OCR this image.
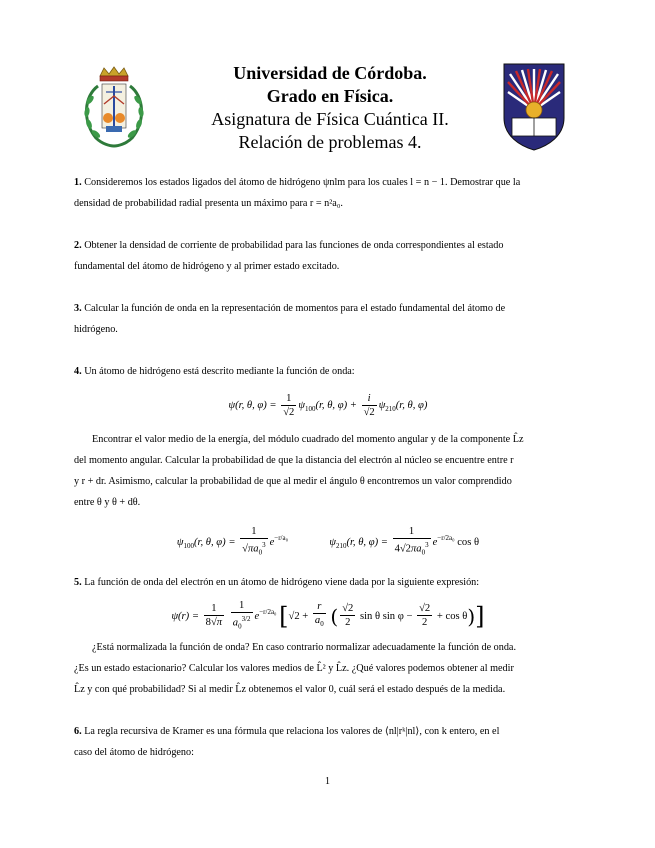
Universidad de Córdoba.
Grado en Física.
Asignatura de Física Cuántica II.
Relación de problemas 4.
1. Consideremos los estados ligados del átomo de hidrógeno ψnlm para los cuales l = n − 1. Demostrar que la
densidad de probabilidad radial presenta un máximo para r = n²a₀.
2. Obtener la densidad de corriente de probabilidad para las funciones de onda correspondientes al estado
fundamental del átomo de hidrógeno y al primer estado excitado.
3. Calcular la función de onda en la representación de momentos para el estado fundamental del átomo de
hidrógeno.
4. Un átomo de hidrógeno está descrito mediante la función de onda:
ψ(r, θ, $\varphi) = \frac{1}{√2} \psi_{100}(r$, θ, $\varphi) + \frac{i}{√2} \psi_{210}(r$, θ, φ)
Encontrar el valor medio de la energía, del módulo cuadrado del momento angular y de la componente L̂z
del momento angular. Calcular la probabilidad de que la distancia del electrón al núcleo se encuentre entre r
y r + dr. Asimismo, calcular la probabilidad de que al medir el ángulo θ encontremos un valor comprendido
entre θ y θ + dθ.
$\psi_{100}(r$, θ, $\varphi) = \frac{1}{√\pi a_0^3} e^{-r/a_0}$	$\psi_{210}(r$, θ, $\varphi) = \frac{1}{4√2\pi a_0^3} e^{-r/2a_0}$ cos θ
5. La función de onda del electrón en un átomo de hidrógeno viene dada por la siguiente expresión:
$\psi(r) = \frac{1}{8√\pi}$
$\frac{1}{a_0^{3/2}} e^{-r/2a_0}$ [$√2 + \frac{r}{a_0}$ ( $\frac{√2}{2}$ sin θ $\sin \varphi - \frac{√2}{2} + \cos \theta$)]
¿Está normalizada la función de onda? En caso contrario normalizar adecuadamente la función de onda.
¿Es un estado estacionario? Calcular los valores medios de L̂² y L̂z. ¿Qué valores podemos obtener al medir
L̂z y con qué probabilidad? Si al medir L̂z obtenemos el valor 0, cuál será el estado después de la medida.
6. La regla recursiva de Kramer es una fórmula que relaciona los valores de ⟨nl|rᵏ|nl⟩, con k entero, en el
caso del átomo de hidrógeno:
1
